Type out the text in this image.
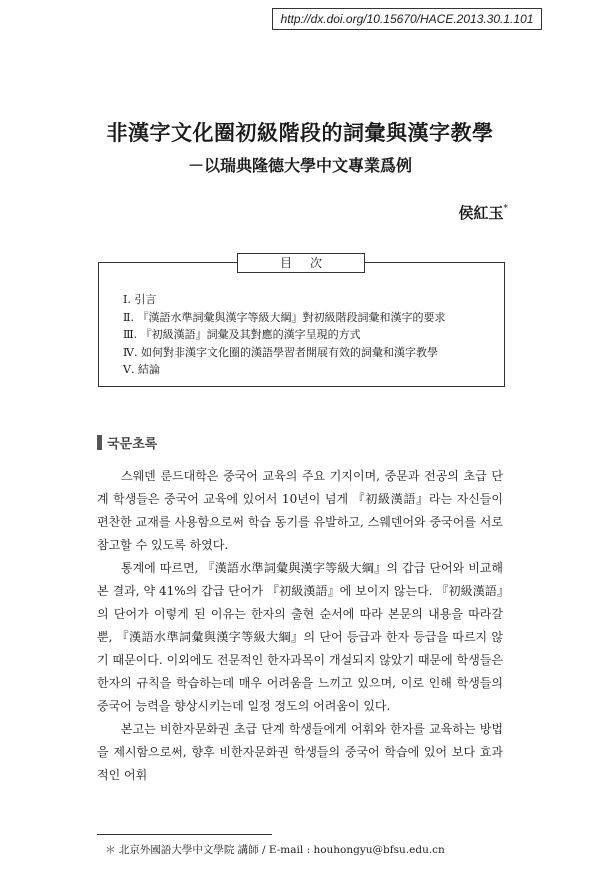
http://dx.doi.org/10.15670/HACE.2013.30.1.101
非漢字文化圈初級階段的詞彙與漢字教學
－以瑞典隆德大學中文專業爲例
侯紅玉*
目次
Ⅰ. 引言
Ⅱ. 『漢語水準詞彙與漢字等級大綱』對初級階段詞彙和漢字的要求
Ⅲ. 『初級漢語』詞彙及其對應的漢字呈現的方式
Ⅳ. 如何對非漢字文化圈的漢語學習者開展有效的詞彙和漢字教學
Ⅴ. 結論
국문초록

스웨덴 룬드대학은 중국어 교육의 주요 기지이며, 중문과 전공의 초급 단계 학생들은 중국어 교육에 있어서 10년이 넘게 『初級漢語』라는 자신들이 편찬한 교재를 사용함으로써 학습 동기를 유발하고, 스웨덴어와 중국어를 서로 참고할 수 있도록 하였다.

통계에 따르면, 『漢語水準詞彙與漢字等級大綱』의 갑급 단어와 비교해 본 결과, 약 41%의 갑급 단어가 『初級漢語』에 보이지 않는다. 『初級漢語』의 단어가 이렇게 된 이유는 한자의 출현 순서에 따라 본문의 내용을 따라갈 뿐, 『漢語水準詞彙與漢字等級大綱』의 단어 등급과 한자 등급을 따르지 않기 때문이다. 이외에도 전문적인 한자과목이 개설되지 않았기 때문에 학생들은 한자의 규칙을 학습하는데 매우 어려움을 느끼고 있으며, 이로 인해 학생들의 중국어 능력을 향상시키는데 일정 정도의 어려움이 있다.

본고는 비한자문화권 초급 단계 학생들에게 어휘와 한자를 교육하는 방법을 제시함으로써, 향후 비한자문화권 학생들의 중국어 학습에 있어 보다 효과적인 어휘

＊ 北京外國語大學中文學院 講師 / E-mail : houhongyu@bfsu.edu.cn
